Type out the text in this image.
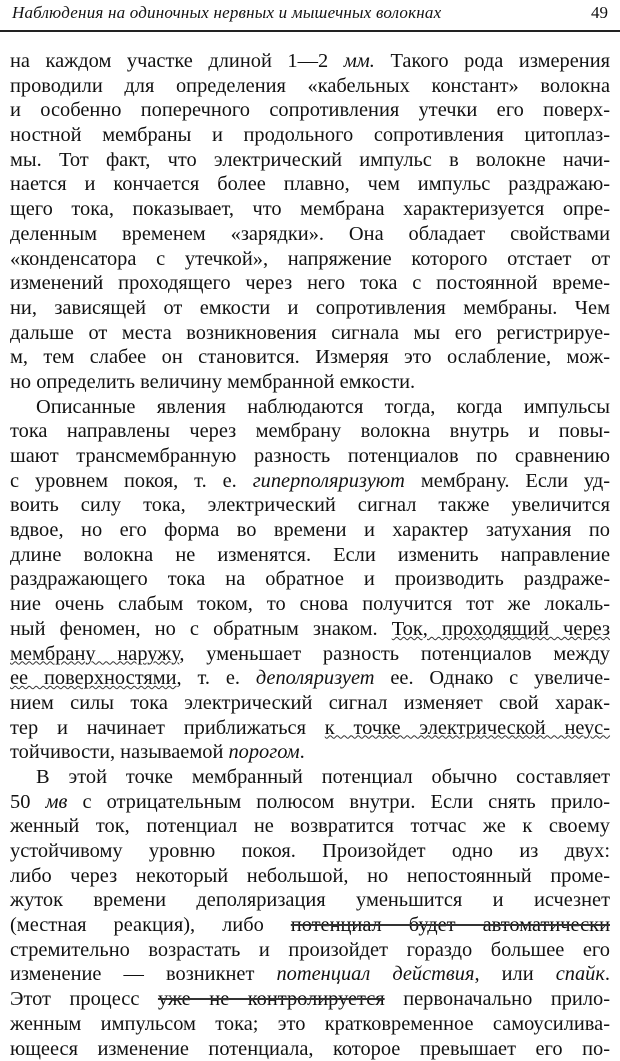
Наблюдения на одиночных нервных и мышечных волокнах	49
на каждом участке длиной 1—2 мм. Такого рода измерения
проводили для определения «кабельных констант» волокна
и особенно поперечного сопротивления утечки его поверх-
ностной мембраны и продольного сопротивления цитоплаз-
мы. Тот факт, что электрический импульс в волокне начи-
нается и кончается более плавно, чем импульс раздражаю-
щего тока, показывает, что мембрана характеризуется опре-
деленным временем «зарядки». Она обладает свойствами
«конденсатора с утечкой», напряжение которого отстает от
изменений проходящего через него тока с постоянной време-
ни, зависящей от емкости и сопротивления мембраны. Чем
дальше от места возникновения сигнала мы его регистрируе-
м, тем слабее он становится. Измеряя это ослабление, мож-
но определить величину мембранной емкости.
Описанные явления наблюдаются тогда, когда импульсы
тока направлены через мембрану волокна внутрь и повы-
шают трансмембранную разность потенциалов по сравнению
с уровнем покоя, т. е. гиперполяризуют мембрану. Если уд-
воить силу тока, электрический сигнал также увеличится
вдвое, но его форма во времени и характер затухания по
длине волокна не изменятся. Если изменить направление
раздражающего тока на обратное и производить раздраже-
ние очень слабым током, то снова получится тот же локаль-
ный феномен, но с обратным знаком. Ток, проходящий через
мембрану наружу, уменьшает разность потенциалов между
ее поверхностями, т. е. деполяризует ее. Однако с увеличе-
нием силы тока электрический сигнал изменяет свой харак-
тер и начинает приближаться к точке электрической неус-
тойчивости, называемой порогом.
В этой точке мембранный потенциал обычно составляет
50 мв с отрицательным полюсом внутри. Если снять прило-
женный ток, потенциал не возвратится тотчас же к своему
устойчивому уровню покоя. Произойдет одно из двух:
либо через некоторый небольшой, но непостоянный проме-
жуток времени деполяризация уменьшится и исчезнет
(местная реакция), либо потенциал будет автоматически
стремительно возрастать и произойдет гораздо большее его
изменение — возникнет потенциал действия, или спайк.
Этот процесс уже не контролируется первоначально прило-
женным импульсом тока; это кратковременное самоусилива-
ющееся изменение потенциала, которое превышает его по-
